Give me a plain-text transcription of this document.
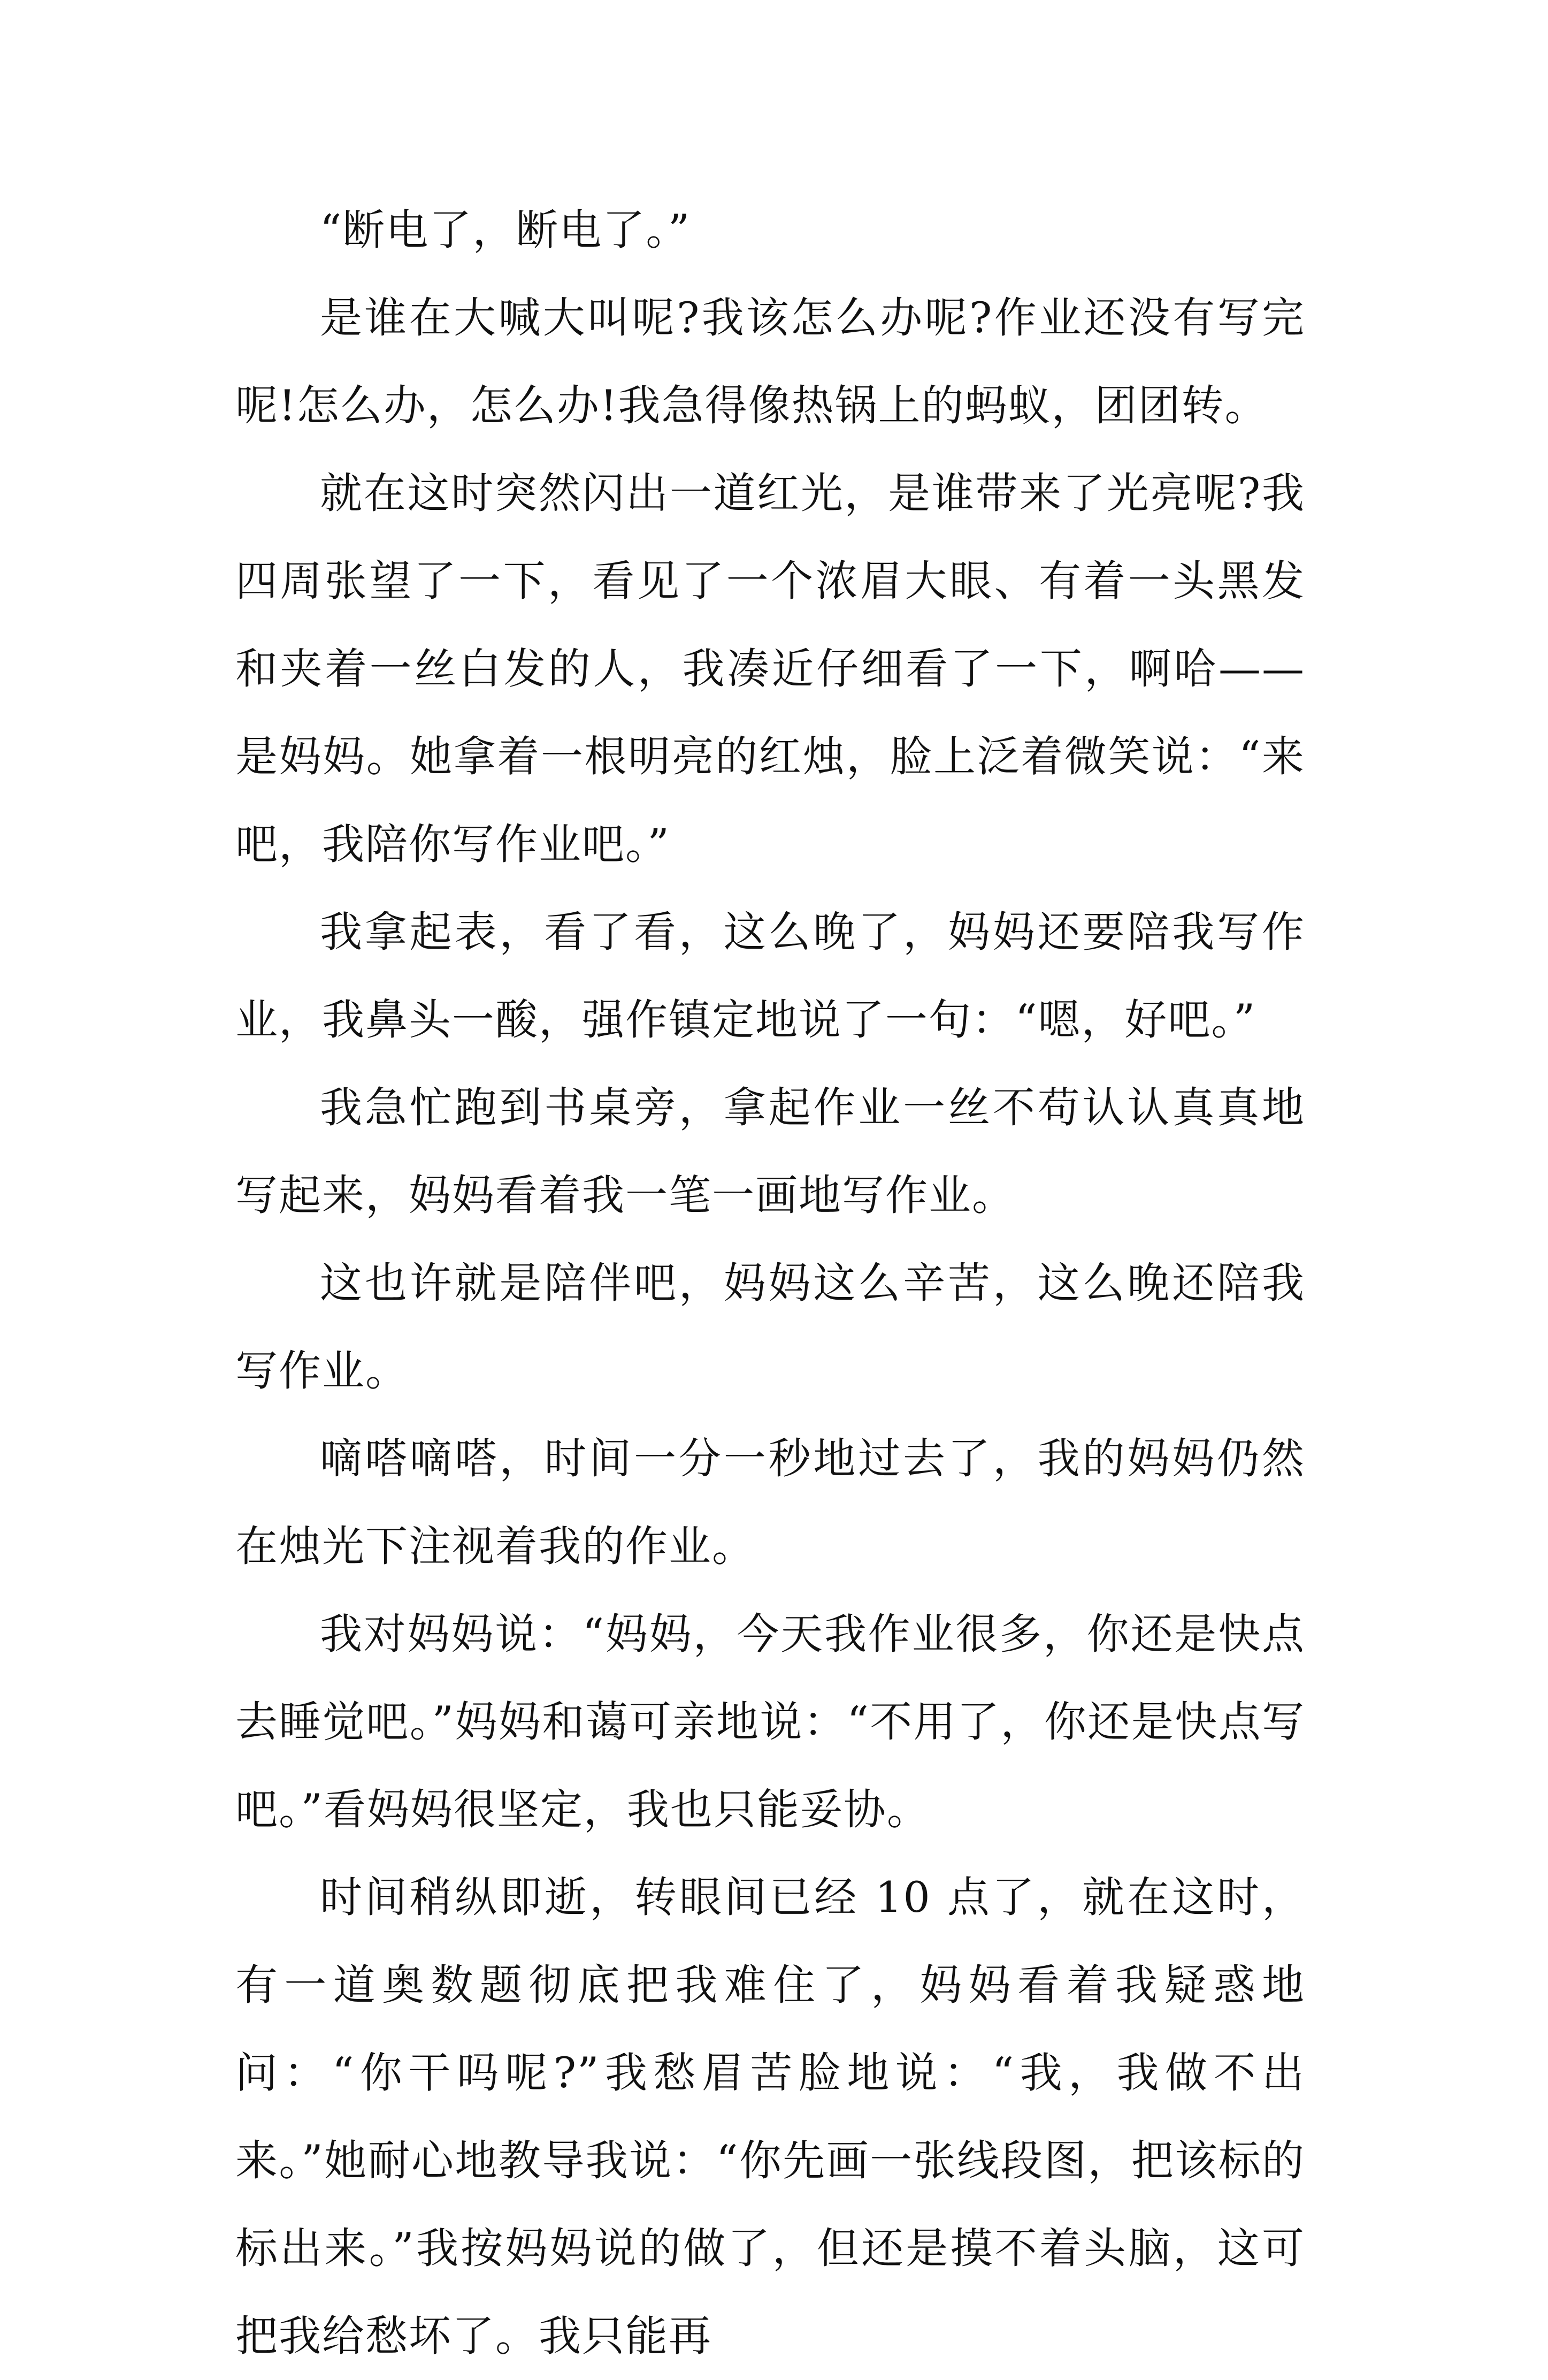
“断电了，断电了。”

是谁在大喊大叫呢?我该怎么办呢?作业还没有写完呢!怎么办，怎么办!我急得像热锅上的蚂蚁，团团转。

就在这时突然闪出一道红光，是谁带来了光亮呢?我四周张望了一下，看见了一个浓眉大眼、有着一头黑发和夹着一丝白发的人，我凑近仔细看了一下，啊哈——是妈妈。她拿着一根明亮的红烛，脸上泛着微笑说：“来吧，我陪你写作业吧。”

我拿起表，看了看，这么晚了，妈妈还要陪我写作业，我鼻头一酸，强作镇定地说了一句：“嗯，好吧。”

我急忙跑到书桌旁，拿起作业一丝不苟认认真真地写起来，妈妈看着我一笔一画地写作业。

这也许就是陪伴吧，妈妈这么辛苦，这么晚还陪我写作业。

嘀嗒嘀嗒，时间一分一秒地过去了，我的妈妈仍然在烛光下注视着我的作业。

我对妈妈说：“妈妈，今天我作业很多，你还是快点去睡觉吧。”妈妈和蔼可亲地说：“不用了，你还是快点写吧。”看妈妈很坚定，我也只能妥协。

时间稍纵即逝，转眼间已经 10 点了，就在这时，有一道奥数题彻底把我难住了，妈妈看着我疑惑地问：“你干吗呢?”我愁眉苦脸地说：“我，我做不出来。”她耐心地教导我说：“你先画一张线段图，把该标的标出来。”我按妈妈说的做了，但还是摸不着头脑，这可把我给愁坏了。我只能再
